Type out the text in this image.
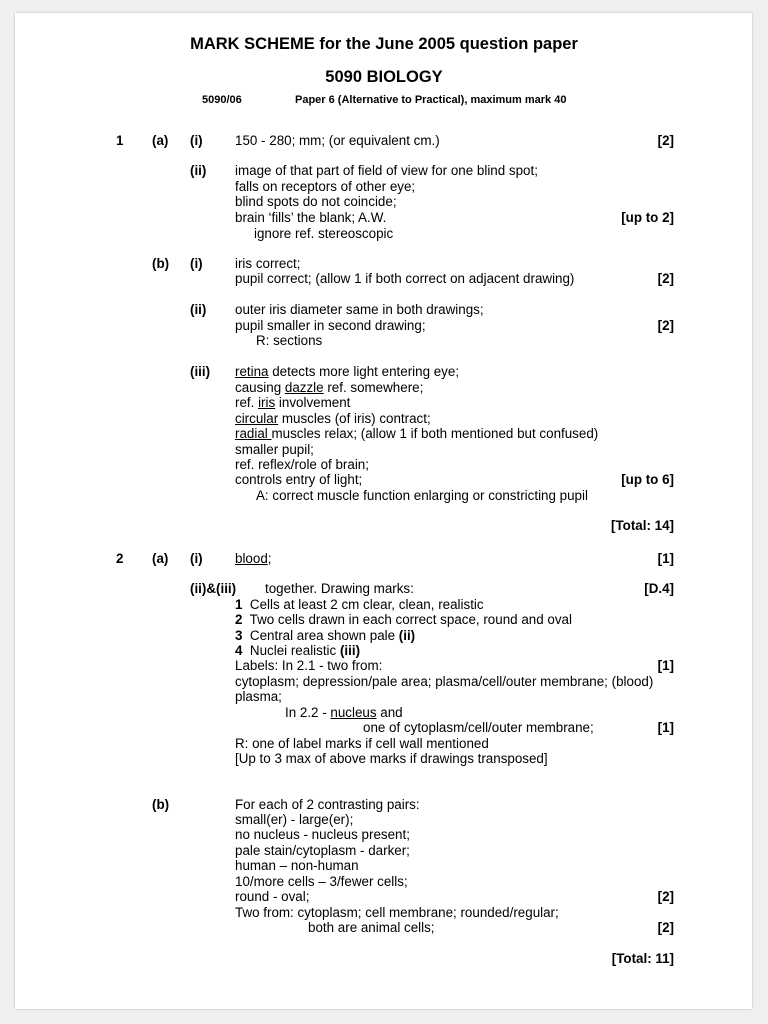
MARK SCHEME for the June 2005 question paper
5090 BIOLOGY
5090/06	Paper 6 (Alternative to Practical), maximum mark 40
1 (a) (i) 150 - 280; mm; (or equivalent cm.)	[2]
(ii) image of that part of field of view for one blind spot;
falls on receptors of other eye;
blind spots do not coincide;
brain ‘fills’ the blank; A.W.	[up to 2]
ignore ref. stereoscopic
(b) (i) iris correct;
pupil correct; (allow 1 if both correct on adjacent drawing)	[2]
(ii) outer iris diameter same in both drawings;
pupil smaller in second drawing;	[2]
R: sections
(iii) retina detects more light entering eye;
causing dazzle ref. somewhere;
ref. iris involvement
circular muscles (of iris) contract;
radial muscles relax; (allow 1 if both mentioned but confused)
smaller pupil;
ref. reflex/role of brain;
controls entry of light;	[up to 6]
A: correct muscle function enlarging or constricting pupil
[Total: 14]
2 (a) (i) blood;	[1]
(ii)&(iii) together. Drawing marks:	[D.4]
1 Cells at least 2 cm clear, clean, realistic
2 Two cells drawn in each correct space, round and oval
3 Central area shown pale (ii)
4 Nuclei realistic (iii)
Labels: In 2.1 - two from:	[1]
cytoplasm; depression/pale area; plasma/cell/outer membrane; (blood)
plasma;
In 2.2 - nucleus and
one of cytoplasm/cell/outer membrane;	[1]
R: one of label marks if cell wall mentioned
[Up to 3 max of above marks if drawings transposed]
(b)	For each of 2 contrasting pairs:
small(er) - large(er);
no nucleus - nucleus present;
pale stain/cytoplasm - darker;
human – non-human
10/more cells – 3/fewer cells;
round - oval;	[2]
Two from: cytoplasm; cell membrane; rounded/regular;
both are animal cells;	[2]
[Total: 11]
